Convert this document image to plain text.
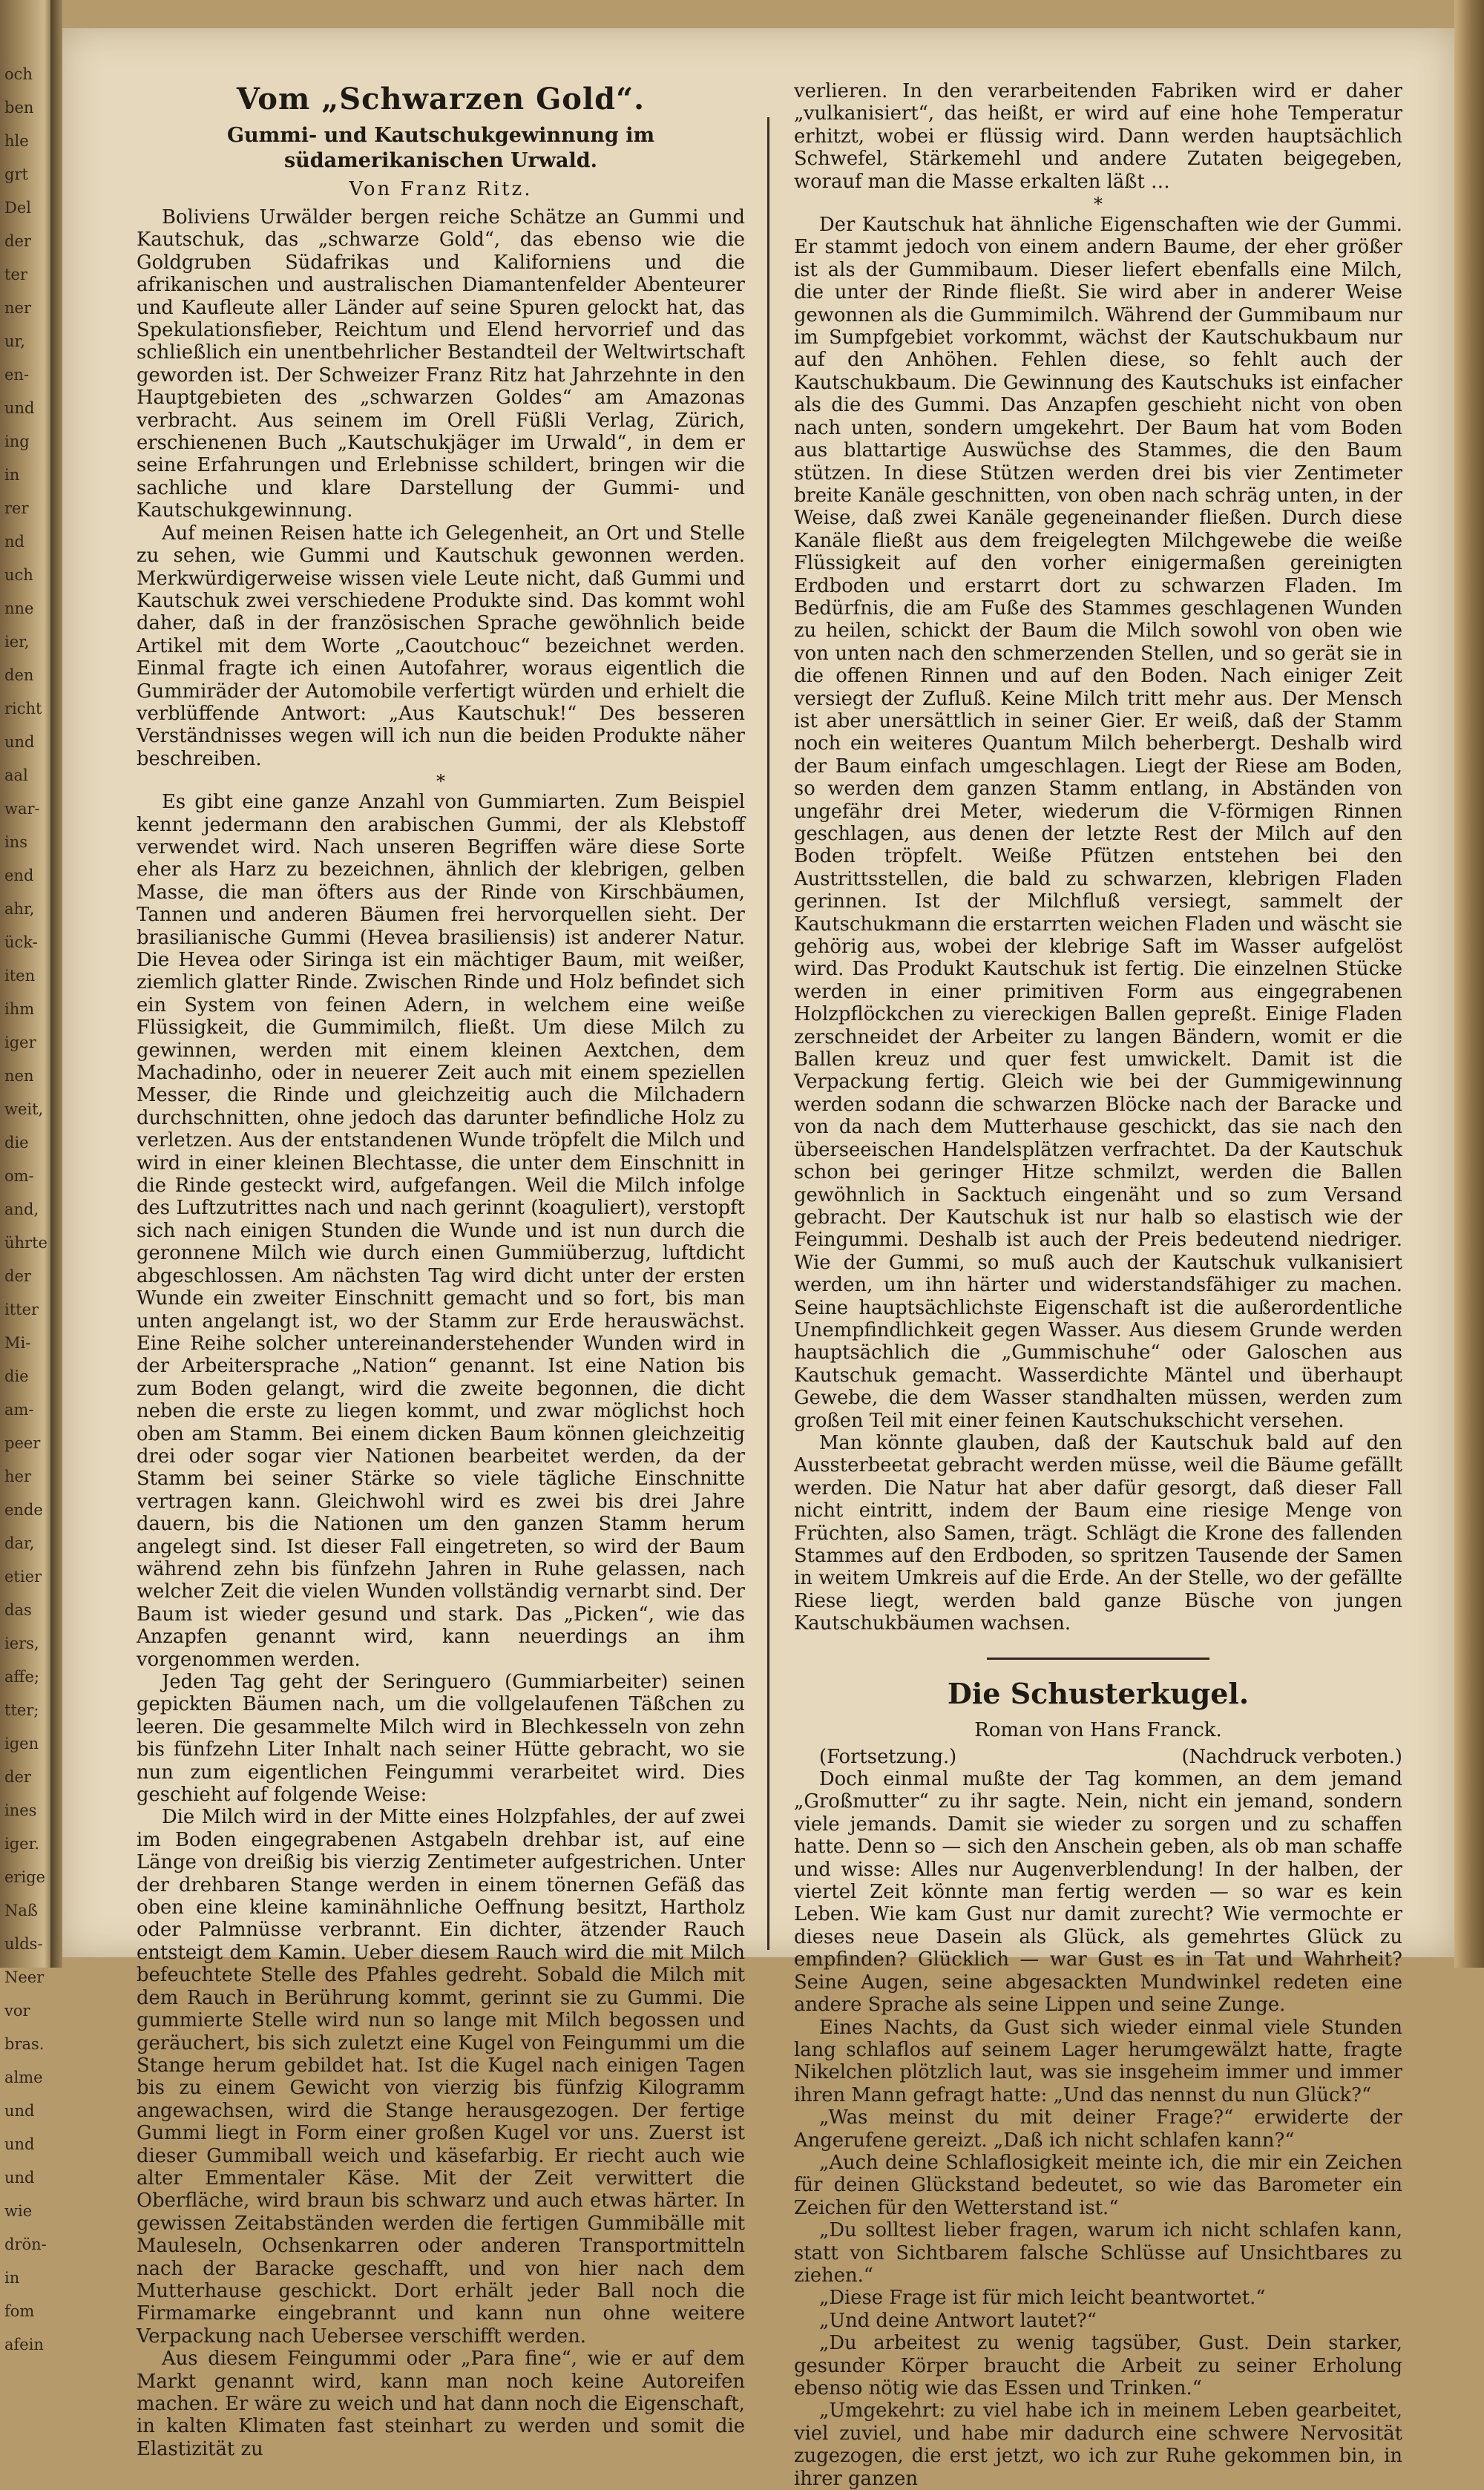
och
ben
hle
grt
Del
der
ter
ner
ur,
en-
und
ing
in
rer
nd
uch
nne
ier,
den
richt
und
aal
war-
ins
end
ahr,
ück-
iten
ihm
iger
nen
weit,
die
om-
and,
ührte
der
itter
Mi-
die
am-
peer
her
ende
dar,
etier
das
iers,
affe;
tter;
igen
der
ines
iger.
erige
Naß
ulds-
Neer
vor
bras.
alme
und
und
und
wie
drön-
in
fom
afein
Vom „Schwarzen Gold“.
Gummi- und Kautschukgewinnung im südamerikanischen Urwald.
Von Franz Ritz.

Boliviens Urwälder bergen reiche Schätze an Gummi und Kautschuk, das „schwarze Gold“, das ebenso wie die Goldgruben Südafrikas und Kaliforniens und die afrikanischen und australischen Diamantenfelder Abenteurer und Kaufleute aller Länder auf seine Spuren gelockt hat, das Spekulationsfieber, Reichtum und Elend hervorrief und das schließlich ein unentbehrlicher Bestandteil der Weltwirtschaft geworden ist. Der Schweizer Franz Ritz hat Jahrzehnte in den Hauptgebieten des „schwarzen Goldes“ am Amazonas verbracht. Aus seinem im Orell Füßli Verlag, Zürich, erschienenen Buch „Kautschukjäger im Urwald“, in dem er seine Erfahrungen und Erlebnisse schildert, bringen wir die sachliche und klare Darstellung der Gummi- und Kautschukgewinnung.

Auf meinen Reisen hatte ich Gelegenheit, an Ort und Stelle zu sehen, wie Gummi und Kautschuk gewonnen werden. Merkwürdigerweise wissen viele Leute nicht, daß Gummi und Kautschuk zwei verschiedene Produkte sind. Das kommt wohl daher, daß in der französischen Sprache gewöhnlich beide Artikel mit dem Worte „Caoutchouc“ bezeichnet werden. Einmal fragte ich einen Autofahrer, woraus eigentlich die Gummiräder der Automobile verfertigt würden und erhielt die verblüffende Antwort: „Aus Kautschuk!“ Des besseren Verständnisses wegen will ich nun die beiden Produkte näher beschreiben.

*

Es gibt eine ganze Anzahl von Gummiarten. Zum Beispiel kennt jedermann den arabischen Gummi, der als Klebstoff verwendet wird. Nach unseren Begriffen wäre diese Sorte eher als Harz zu bezeichnen, ähnlich der klebrigen, gelben Masse, die man öfters aus der Rinde von Kirschbäumen, Tannen und anderen Bäumen frei hervorquellen sieht. Der brasilianische Gummi (Hevea brasiliensis) ist anderer Natur. Die Hevea oder Siringa ist ein mächtiger Baum, mit weißer, ziemlich glatter Rinde. Zwischen Rinde und Holz befindet sich ein System von feinen Adern, in welchem eine weiße Flüssigkeit, die Gummimilch, fließt. Um diese Milch zu gewinnen, werden mit einem kleinen Aextchen, dem Machadinho, oder in neuerer Zeit auch mit einem speziellen Messer, die Rinde und gleichzeitig auch die Milchadern durchschnitten, ohne jedoch das darunter befindliche Holz zu verletzen. Aus der entstandenen Wunde tröpfelt die Milch und wird in einer kleinen Blechtasse, die unter dem Einschnitt in die Rinde gesteckt wird, aufgefangen. Weil die Milch infolge des Luftzutrittes nach und nach gerinnt (koaguliert), verstopft sich nach einigen Stunden die Wunde und ist nun durch die geronnene Milch wie durch einen Gummiüberzug, luftdicht abgeschlossen. Am nächsten Tag wird dicht unter der ersten Wunde ein zweiter Einschnitt gemacht und so fort, bis man unten angelangt ist, wo der Stamm zur Erde herauswächst. Eine Reihe solcher untereinanderstehender Wunden wird in der Arbeitersprache „Nation“ genannt. Ist eine Nation bis zum Boden gelangt, wird die zweite begonnen, die dicht neben die erste zu liegen kommt, und zwar möglichst hoch oben am Stamm. Bei einem dicken Baum können gleichzeitig drei oder sogar vier Nationen bearbeitet werden, da der Stamm bei seiner Stärke so viele tägliche Einschnitte vertragen kann. Gleichwohl wird es zwei bis drei Jahre dauern, bis die Nationen um den ganzen Stamm herum angelegt sind. Ist dieser Fall eingetreten, so wird der Baum während zehn bis fünfzehn Jahren in Ruhe gelassen, nach welcher Zeit die vielen Wunden vollständig vernarbt sind. Der Baum ist wieder gesund und stark. Das „Picken“, wie das Anzapfen genannt wird, kann neuerdings an ihm vorgenommen werden.

Jeden Tag geht der Seringuero (Gummiarbeiter) seinen gepickten Bäumen nach, um die vollgelaufenen Täßchen zu leeren. Die gesammelte Milch wird in Blechkesseln von zehn bis fünfzehn Liter Inhalt nach seiner Hütte gebracht, wo sie nun zum eigentlichen Feingummi verarbeitet wird. Dies geschieht auf folgende Weise:

Die Milch wird in der Mitte eines Holzpfahles, der auf zwei im Boden eingegrabenen Astgabeln drehbar ist, auf eine Länge von dreißig bis vierzig Zentimeter aufgestrichen. Unter der drehbaren Stange werden in einem tönernen Gefäß das oben eine kleine kaminähnliche Oeffnung besitzt, Hartholz oder Palmnüsse verbrannt. Ein dichter, ätzender Rauch entsteigt dem Kamin. Ueber diesem Rauch wird die mit Milch befeuchtete Stelle des Pfahles gedreht. Sobald die Milch mit dem Rauch in Berührung kommt, gerinnt sie zu Gummi. Die gummierte Stelle wird nun so lange mit Milch begossen und geräuchert, bis sich zuletzt eine Kugel von Feingummi um die Stange herum gebildet hat. Ist die Kugel nach einigen Tagen bis zu einem Gewicht von vierzig bis fünfzig Kilogramm angewachsen, wird die Stange herausgezogen. Der fertige Gummi liegt in Form einer großen Kugel vor uns. Zuerst ist dieser Gummiball weich und käsefarbig. Er riecht auch wie alter Emmentaler Käse. Mit der Zeit verwittert die Oberfläche, wird braun bis schwarz und auch etwas härter. In gewissen Zeitabständen werden die fertigen Gummibälle mit Mauleseln, Ochsenkarren oder anderen Transportmitteln nach der Baracke geschafft, und von hier nach dem Mutterhause geschickt. Dort erhält jeder Ball noch die Firmamarke eingebrannt und kann nun ohne weitere Verpackung nach Uebersee verschifft werden.

Aus diesem Feingummi oder „Para fine“, wie er auf dem Markt genannt wird, kann man noch keine Autoreifen machen. Er wäre zu weich und hat dann noch die Eigenschaft, in kalten Klimaten fast steinhart zu werden und somit die Elastizität zu

verlieren. In den verarbeitenden Fabriken wird er daher „vulkanisiert“, das heißt, er wird auf eine hohe Temperatur erhitzt, wobei er flüssig wird. Dann werden hauptsächlich Schwefel, Stärkemehl und andere Zutaten beigegeben, worauf man die Masse erkalten läßt …

*

Der Kautschuk hat ähnliche Eigenschaften wie der Gummi. Er stammt jedoch von einem andern Baume, der eher größer ist als der Gummibaum. Dieser liefert ebenfalls eine Milch, die unter der Rinde fließt. Sie wird aber in anderer Weise gewonnen als die Gummimilch. Während der Gummibaum nur im Sumpfgebiet vorkommt, wächst der Kautschukbaum nur auf den Anhöhen. Fehlen diese, so fehlt auch der Kautschukbaum. Die Gewinnung des Kautschuks ist einfacher als die des Gummi. Das Anzapfen geschieht nicht von oben nach unten, sondern umgekehrt. Der Baum hat vom Boden aus blattartige Auswüchse des Stammes, die den Baum stützen. In diese Stützen werden drei bis vier Zentimeter breite Kanäle geschnitten, von oben nach schräg unten, in der Weise, daß zwei Kanäle gegeneinander fließen. Durch diese Kanäle fließt aus dem freigelegten Milchgewebe die weiße Flüssigkeit auf den vorher einigermaßen gereinigten Erdboden und erstarrt dort zu schwarzen Fladen. Im Bedürfnis, die am Fuße des Stammes geschlagenen Wunden zu heilen, schickt der Baum die Milch sowohl von oben wie von unten nach den schmerzenden Stellen, und so gerät sie in die offenen Rinnen und auf den Boden. Nach einiger Zeit versiegt der Zufluß. Keine Milch tritt mehr aus. Der Mensch ist aber unersättlich in seiner Gier. Er weiß, daß der Stamm noch ein weiteres Quantum Milch beherbergt. Deshalb wird der Baum einfach umgeschlagen. Liegt der Riese am Boden, so werden dem ganzen Stamm entlang, in Abständen von ungefähr drei Meter, wiederum die V-förmigen Rinnen geschlagen, aus denen der letzte Rest der Milch auf den Boden tröpfelt. Weiße Pfützen entstehen bei den Austrittsstellen, die bald zu schwarzen, klebrigen Fladen gerinnen. Ist der Milchfluß versiegt, sammelt der Kautschukmann die erstarrten weichen Fladen und wäscht sie gehörig aus, wobei der klebrige Saft im Wasser aufgelöst wird. Das Produkt Kautschuk ist fertig. Die einzelnen Stücke werden in einer primitiven Form aus eingegrabenen Holzpflöckchen zu viereckigen Ballen gepreßt. Einige Fladen zerschneidet der Arbeiter zu langen Bändern, womit er die Ballen kreuz und quer fest umwickelt. Damit ist die Verpackung fertig. Gleich wie bei der Gummigewinnung werden sodann die schwarzen Blöcke nach der Baracke und von da nach dem Mutterhause geschickt, das sie nach den überseeischen Handelsplätzen verfrachtet. Da der Kautschuk schon bei geringer Hitze schmilzt, werden die Ballen gewöhnlich in Sacktuch eingenäht und so zum Versand gebracht. Der Kautschuk ist nur halb so elastisch wie der Feingummi. Deshalb ist auch der Preis bedeutend niedriger. Wie der Gummi, so muß auch der Kautschuk vulkanisiert werden, um ihn härter und widerstandsfähiger zu machen. Seine hauptsächlichste Eigenschaft ist die außerordentliche Unempfindlichkeit gegen Wasser. Aus diesem Grunde werden hauptsächlich die „Gummischuhe“ oder Galoschen aus Kautschuk gemacht. Wasserdichte Mäntel und überhaupt Gewebe, die dem Wasser standhalten müssen, werden zum großen Teil mit einer feinen Kautschukschicht versehen.

Man könnte glauben, daß der Kautschuk bald auf den Aussterbeetat gebracht werden müsse, weil die Bäume gefällt werden. Die Natur hat aber dafür gesorgt, daß dieser Fall nicht eintritt, indem der Baum eine riesige Menge von Früchten, also Samen, trägt. Schlägt die Krone des fallenden Stammes auf den Erdboden, so spritzen Tausende der Samen in weitem Umkreis auf die Erde. An der Stelle, wo der gefällte Riese liegt, werden bald ganze Büsche von jungen Kautschukbäumen wachsen.

Die Schusterkugel.
Roman von Hans Franck.
(Fortsetzung.)	(Nachdruck verboten.)

Doch einmal mußte der Tag kommen, an dem jemand „Großmutter“ zu ihr sagte. Nein, nicht ein jemand, sondern viele jemands. Damit sie wieder zu sorgen und zu schaffen hatte. Denn so — sich den Anschein geben, als ob man schaffe und wisse: Alles nur Augenverblendung! In der halben, der viertel Zeit könnte man fertig werden — so war es kein Leben. Wie kam Gust nur damit zurecht? Wie vermochte er dieses neue Dasein als Glück, als gemehrtes Glück zu empfinden? Glücklich — war Gust es in Tat und Wahrheit? Seine Augen, seine abgesackten Mundwinkel redeten eine andere Sprache als seine Lippen und seine Zunge.

Eines Nachts, da Gust sich wieder einmal viele Stunden lang schlaflos auf seinem Lager herumgewälzt hatte, fragte Nikelchen plötzlich laut, was sie insgeheim immer und immer ihren Mann gefragt hatte: „Und das nennst du nun Glück?“

„Was meinst du mit deiner Frage?“ erwiderte der Angerufene gereizt. „Daß ich nicht schlafen kann?“

„Auch deine Schlaflosigkeit meinte ich, die mir ein Zeichen für deinen Glückstand bedeutet, so wie das Barometer ein Zeichen für den Wetterstand ist.“

„Du solltest lieber fragen, warum ich nicht schlafen kann, statt von Sichtbarem falsche Schlüsse auf Unsichtbares zu ziehen.“

„Diese Frage ist für mich leicht beantwortet.“

„Und deine Antwort lautet?“

„Du arbeitest zu wenig tagsüber, Gust. Dein starker, gesunder Körper braucht die Arbeit zu seiner Erholung ebenso nötig wie das Essen und Trinken.“

„Umgekehrt: zu viel habe ich in meinem Leben gearbeitet, viel zuviel, und habe mir dadurch eine schwere Nervosität zugezogen, die erst jetzt, wo ich zur Ruhe gekommen bin, in ihrer ganzen
